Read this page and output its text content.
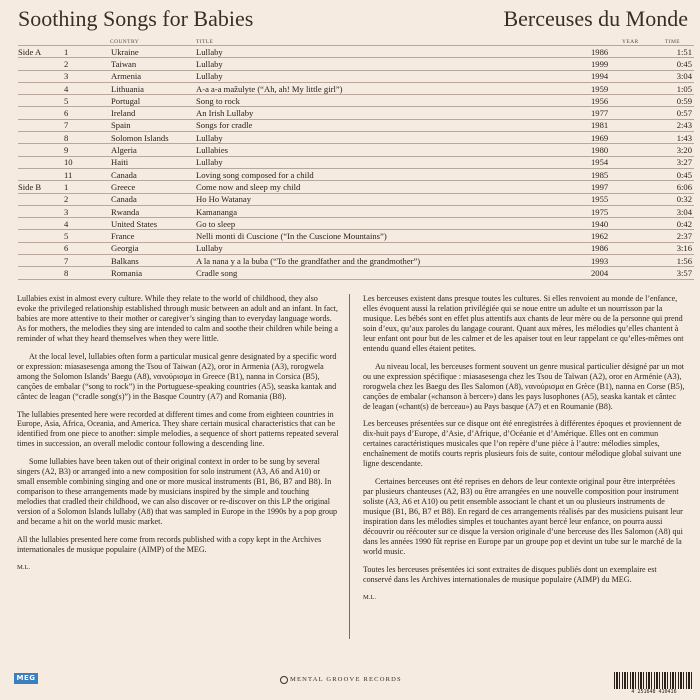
Soothing Songs for Babies	Berceuses du Monde
COUNTRY	TITLE	YEAR	TIME
Side A	1	Ukraine	Lullaby	1986	1:51
	2	Taiwan	Lullaby	1999	0:45
	3	Armenia	Lullaby	1994	3:04
	4	Lithuania	A-a a-a mažulyte (“Ah, ah! My little girl”)	1959	1:05
	5	Portugal	Song to rock	1956	0:59
	6	Ireland	An Irish Lullaby	1977	0:57
	7	Spain	Songs for cradle	1981	2:43
	8	Solomon Islands	Lullaby	1969	1:43
	9	Algeria	Lullabies	1980	3:20
	10	Haiti	Lullaby	1954	3:27
	11	Canada	Loving song composed for a child	1985	0:45
Side B	1	Greece	Come now and sleep my child	1997	6:06
	2	Canada	Ho Ho Watanay	1955	0:32
	3	Rwanda	Kamananga	1975	3:04
	4	United States	Go to sleep	1940	0:42
	5	France	Nelli monti di Cuscione (“In the Cuscione Mountains”)	1962	2:37
	6	Georgia	Lullaby	1986	3:16
	7	Balkans	A la nana y a la buba (“To the grandfather and the grandmother”)	1993	1:56
	8	Romania	Cradle song	2004	3:57

Lullabies exist in almost every culture. While they relate to the world of childhood, they also evoke the privileged relationship established through music between an adult and an infant. In fact, babies are more attentive to their mother or caregiver’s singing than to everyday language words. As for mothers, the melodies they sing are intended to calm and soothe their children while being a reminder of what they heard themselves when they were little.

At the local level, lullabies often form a particular musical genre designated by a specific word or expression: miasasesenga among the Tsou of Taiwan (A2), oror in Armenia (A3), rorogwela among the Solomon Islands’ Baegu (A8), νανούρισμα in Greece (B1), nanna in Corsica (B5), canções de embalar (“song to rock”) in the Portuguese-speaking countries (A5), seaska kantak and cântec de leagan (“cradle song(s)”) in the Basque Country (A7) and Romania (B8).

The lullabies presented here were recorded at different times and come from eighteen countries in Europe, Asia, Africa, Oceania, and America. They share certain musical characteristics that can be identified from one piece to another: simple melodies, a sequence of short patterns repeated several times in succession, an overall melodic contour following a descending line.

Some lullabies have been taken out of their original context in order to be sung by several singers (A2, B3) or arranged into a new composition for solo instrument (A3, A6 and A10) or small ensemble combining singing and one or more musical instruments (B1, B6, B7 and B8). In comparison to these arrangements made by musicians inspired by the simple and touching melodies that cradled their childhood, we can also discover or re-discover on this LP the original version of a Solomon Islands lullaby (A8) that was sampled in Europe in the 1990s by a pop group and became a hit on the world music market.

All the lullabies presented here come from records published with a copy kept in the Archives internationales de musique populaire (AIMP) of the MEG.

M.L.

Les berceuses existent dans presque toutes les cultures. Si elles renvoient au monde de l’enfance, elles évoquent aussi la relation privilégiée qui se noue entre un adulte et un nourrisson par la musique. Les bébés sont en effet plus attentifs aux chants de leur mère ou de la personne qui prend soin d’eux, qu’aux paroles du langage courant. Quant aux mères, les mélodies qu’elles chantent à leur enfant ont pour but de les calmer et de les apaiser tout en leur rappelant ce qu’elles-mêmes ont entendu quand elles étaient petites.

Au niveau local, les berceuses forment souvent un genre musical particulier désigné par un mot ou une expression spécifique : miasasesenga chez les Tsou de Taïwan (A2), oror en Arménie (A3), rorogwela chez les Baegu des Iles Salomon (A8), νανούρισμα en Grèce (B1), nanna en Corse (B5), canções de embalar («chanson à bercer») dans les pays lusophones (A5), seaska kantak et cântec de leagan («chant(s) de berceau») au Pays basque (A7) et en Roumanie (B8).

Les berceuses présentées sur ce disque ont été enregistrées à différentes époques et proviennent de dix-huit pays d’Europe, d’Asie, d’Afrique, d’Océanie et d’Amérique. Elles ont en commun certaines caractéristiques musicales que l’on repère d’une pièce à l’autre: mélodies simples, enchaînement de motifs courts repris plusieurs fois de suite, contour mélodique global suivant une ligne descendante.

Certaines berceuses ont été reprises en dehors de leur contexte original pour être interprétées par plusieurs chanteuses (A2, B3) ou être arrangées en une nouvelle composition pour instrument soliste (A3, A6 et A10) ou petit ensemble associant le chant et un ou plusieurs instruments de musique (B1, B6, B7 et B8). En regard de ces arrangements réalisés par des musiciens puisant leur inspiration dans les mélodies simples et touchantes ayant bercé leur enfance, on pourra aussi découvrir ou réécouter sur ce disque la version originale d’une berceuse des Iles Salomon (A8) qui dans les années 1990 fût reprise en Europe par un groupe pop et devint un tube sur le marché de la world music.

Toutes les berceuses présentées ici sont extraites de disques publiés dont un exemplaire est conservé dans les Archives internationales de musique populaire (AIMP) du MEG.

M.L.

MEG	MENTAL GROOVE RECORDS
4 251648 410416
